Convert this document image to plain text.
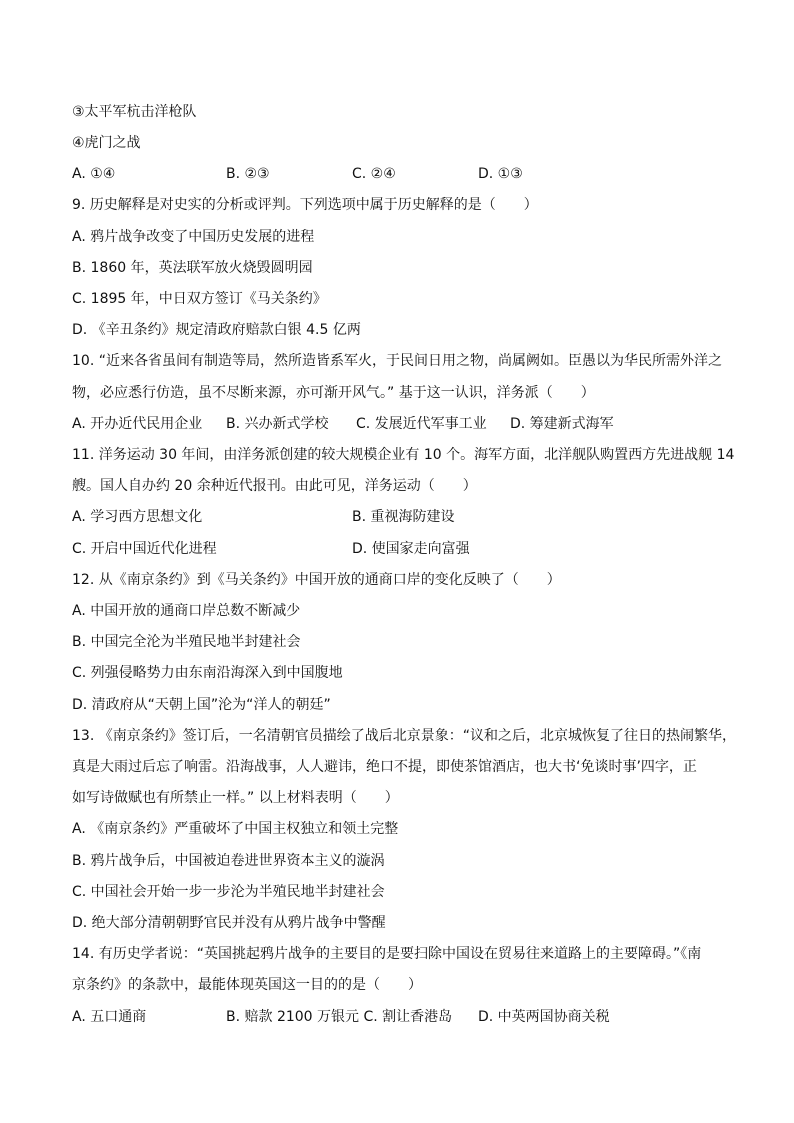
③太平军杭击洋枪队
④虎门之战
A. ①④	B. ②③	C. ②④	D. ①③
9. 历史解释是对史实的分析或评判。下列选项中属于历史解释的是（　　）
A. 鸦片战争改变了中国历史发展的进程
B. 1860 年，英法联军放火烧毁圆明园
C. 1895 年，中日双方签订《马关条约》
D. 《辛丑条约》规定清政府赔款白银 4.5 亿两
10. “近来各省虽间有制造等局，然所造皆系军火，于民间日用之物，尚属阙如。臣愚以为华民所需外洋之
物，必应悉行仿造，虽不尽断来源，亦可渐开风气。” 基于这一认识，洋务派（　　）
A. 开办近代民用企业 B. 兴办新式学校 C. 发展近代军事工业 D. 筹建新式海军
11. 洋务运动 30 年间，由洋务派创建的较大规模企业有 10 个。海军方面，北洋舰队购置西方先进战舰 14
艘。国人自办约 20 余种近代报刊。由此可见，洋务运动（　　）
A. 学习西方思想文化	B. 重视海防建设
C. 开启中国近代化进程	D. 使国家走向富强
12. 从《南京条约》到《马关条约》中国开放的通商口岸的变化反映了（　　）
A. 中国开放的通商口岸总数不断减少
B. 中国完全沦为半殖民地半封建社会
C. 列强侵略势力由东南沿海深入到中国腹地
D. 清政府从“天朝上国”沦为“洋人的朝廷”
13. 《南京条约》签订后，一名清朝官员描绘了战后北京景象：“议和之后，北京城恢复了往日的热闹繁华，
真是大雨过后忘了响雷。沿海战事，人人避讳，绝口不提，即使茶馆酒店，也大书‘免谈时事’四字，正
如写诗做赋也有所禁止一样。” 以上材料表明（　　）
A. 《南京条约》严重破坏了中国主权独立和领土完整
B. 鸦片战争后，中国被迫卷进世界资本主义的漩涡
C. 中国社会开始一步一步沦为半殖民地半封建社会
D. 绝大部分清朝朝野官民并没有从鸦片战争中警醒
14. 有历史学者说：“英国挑起鸦片战争的主要目的是要扫除中国设在贸易往来道路上的主要障碍。”《南
京条约》的条款中，最能体现英国这一目的的是（　　）
A. 五口通商	B. 赔款 2100 万银元 C. 割让香港岛 D. 中英两国协商关税
